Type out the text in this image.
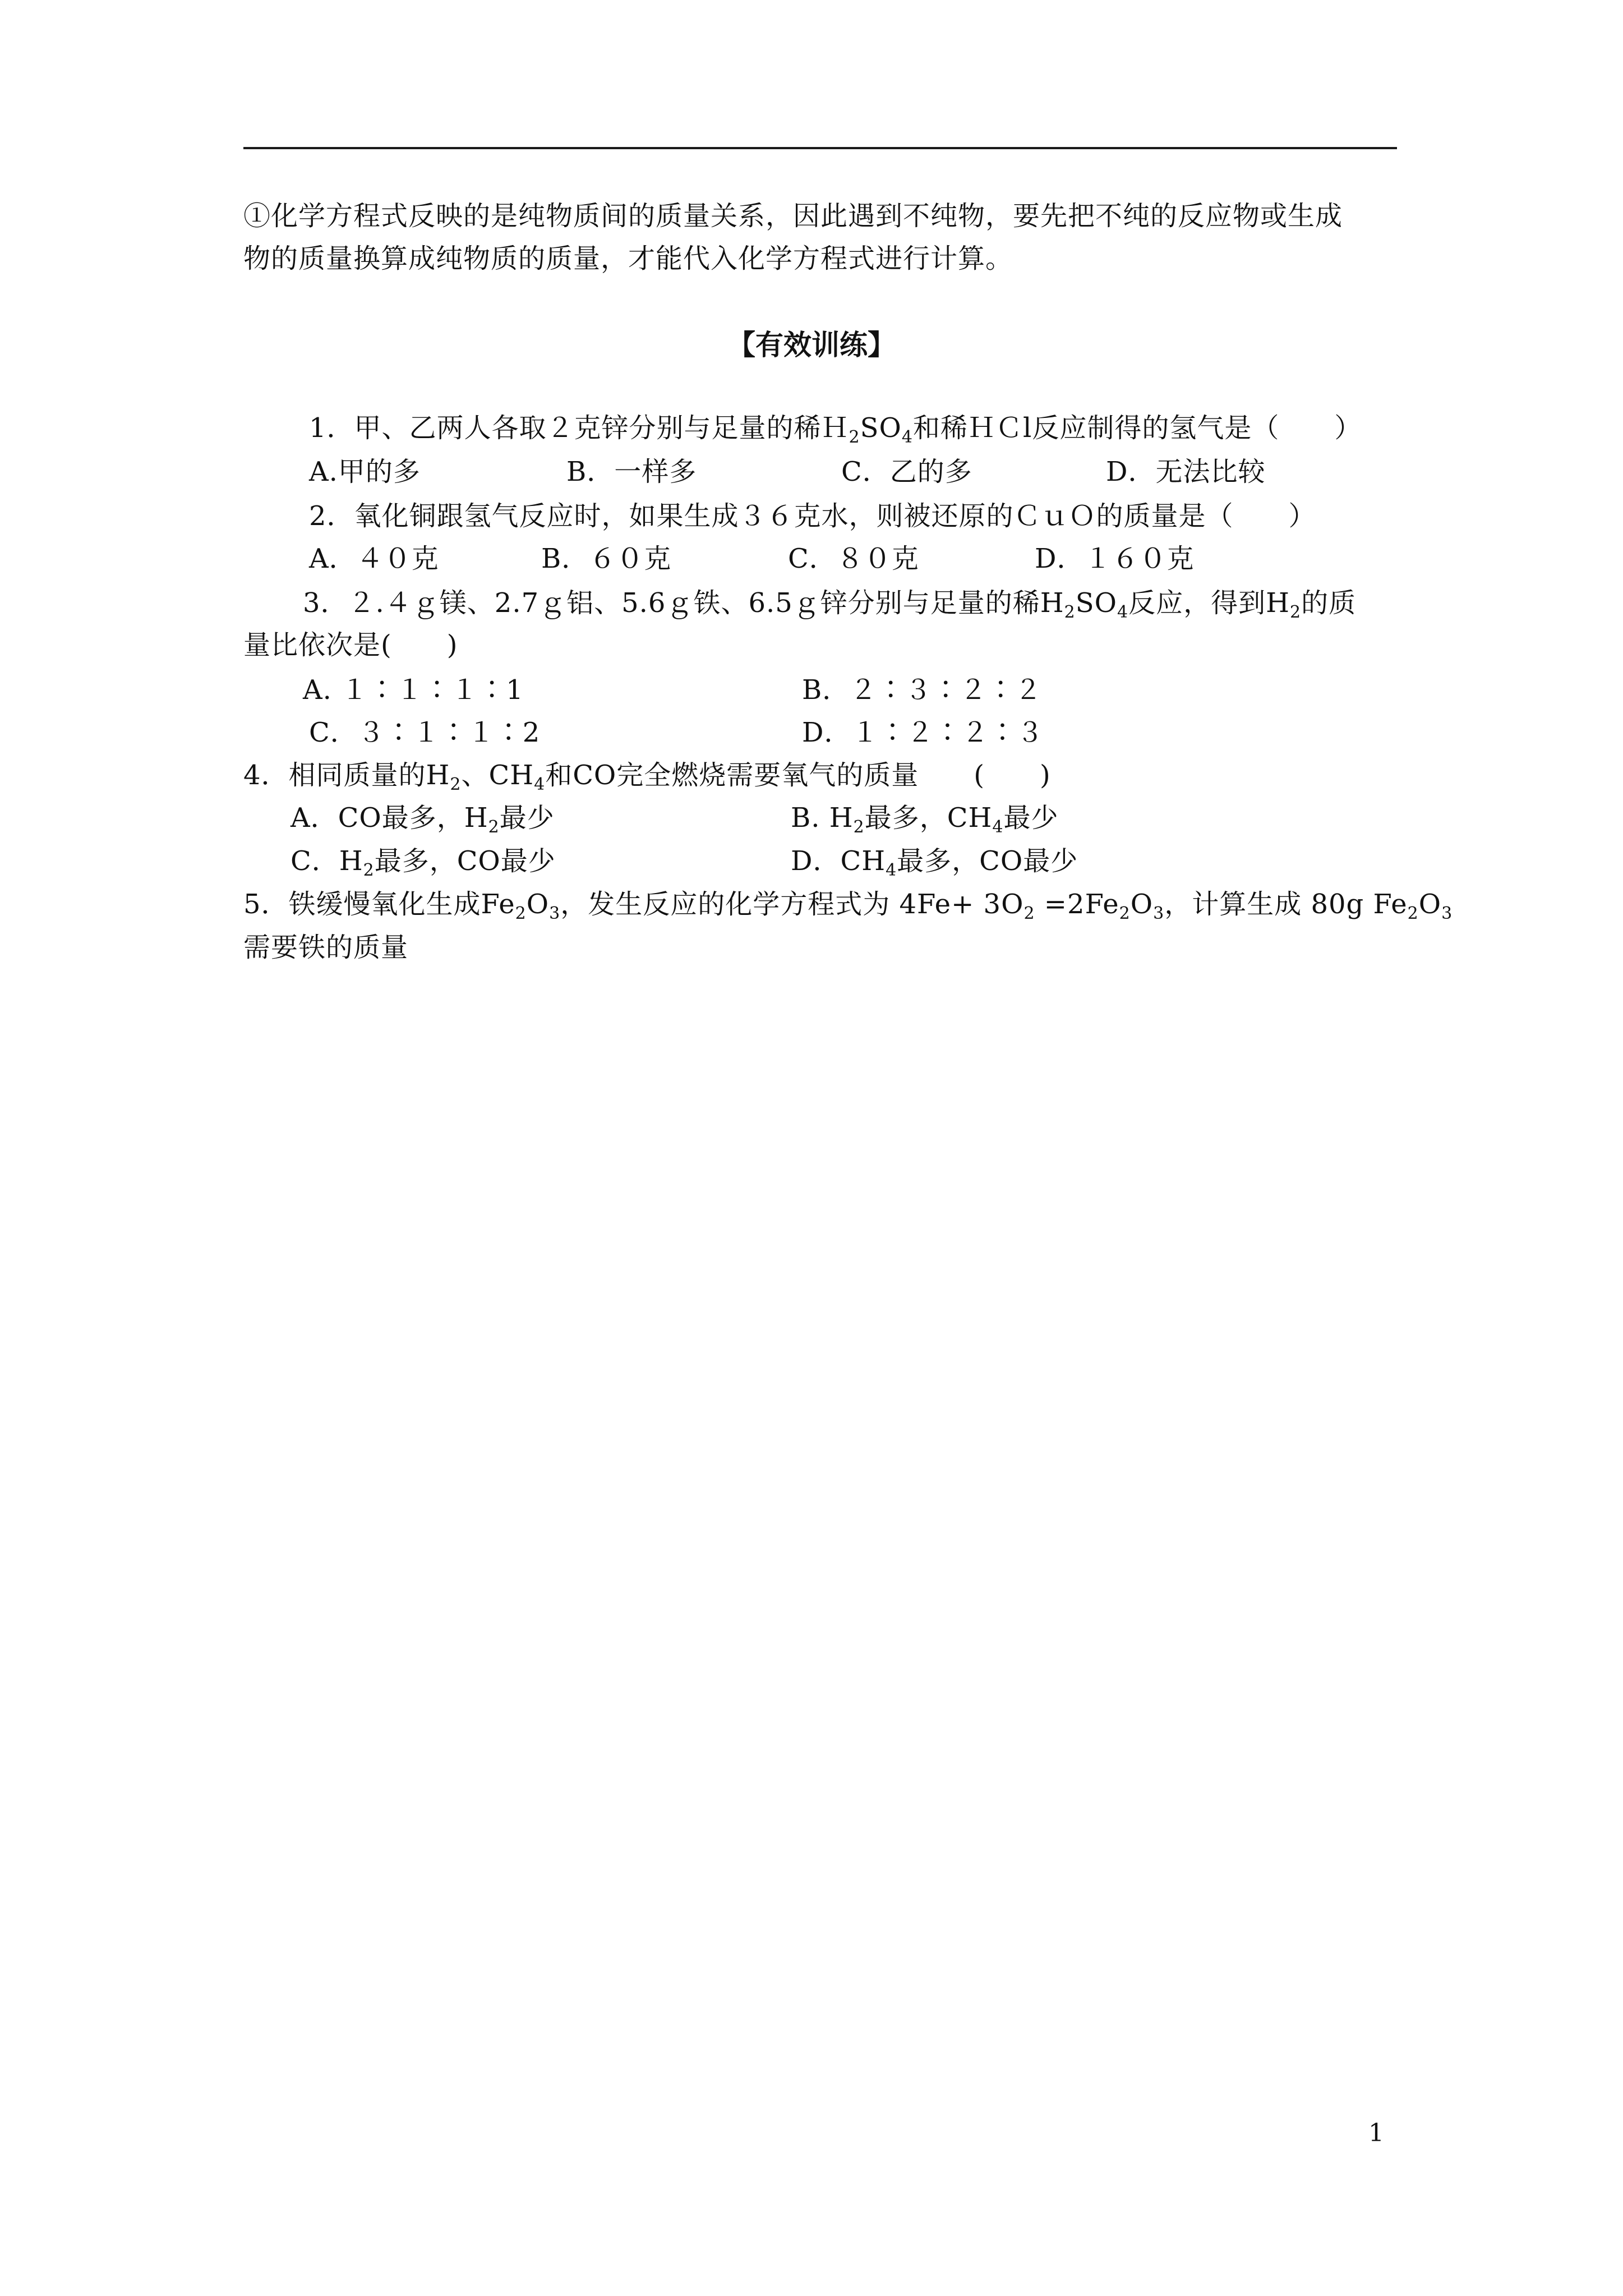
①化学方程式反映的是纯物质间的质量关系，因此遇到不纯物，要先把不纯的反应物或生成
物的质量换算成纯物质的质量，才能代入化学方程式进行计算。
【有效训练】
1．甲、乙两人各取２克锌分别与足量的稀$H_2SO_4$和稀ＨＣl反应制得的氢气是（　　）
A.甲的多	B．一样多	C．乙的多	D．无法比较
2．氧化铜跟氢气反应时，如果生成３６克水，则被还原的ＣｕＯ的质量是（　　）
A．４０克	B．６０克	C．８０克	D．１６０克
3．２.４ｇ镁、2.7ｇ铝、5.6ｇ铁、6.5ｇ锌分别与足量的稀$H_2SO_4$反应，得到$H_2$的质
量比依次是(　　)
A. １∶１∶１∶1	B．２∶３∶２∶２
C．３∶１∶１∶2	D．１∶２∶２∶３
4．相同质量的$H_2$、$CH_4$和CO完全燃烧需要氧气的质量　　(　　)
A．CO最多，$H_2$最少	B. $H_2$最多，$CH_4$最少
C．$H_2$最多，CO最少	D．$CH_4$最多，CO最少
5．铁缓慢氧化生成$Fe_2O_3$，发生反应的化学方程式为 $4Fe+ 3O_2 =2Fe_2O_3$，计算生成 80g $Fe_2O_3$
需要铁的质量
1
